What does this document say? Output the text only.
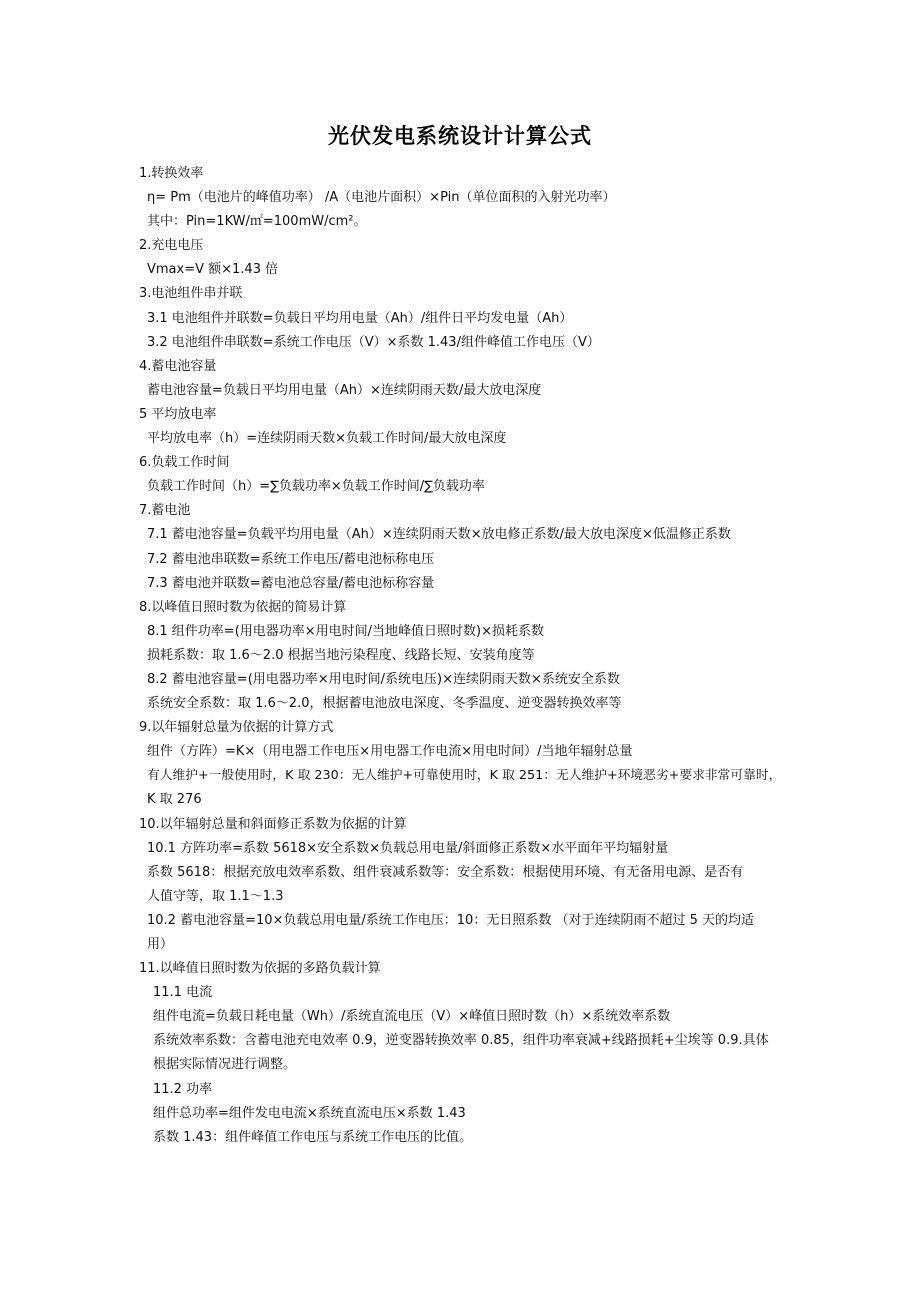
光伏发电系统设计计算公式
1.转换效率
η= Pm（电池片的峰值功率） /A（电池片面积）×Pin（单位面积的入射光功率）
其中：Pin=1KW/㎡=100mW/cm²。
2.充电电压
Vmax=V 额×1.43 倍
3.电池组件串并联
3.1 电池组件并联数=负载日平均用电量（Ah）/组件日平均发电量（Ah）
3.2 电池组件串联数=系统工作电压（V）×系数 1.43/组件峰值工作电压（V）
4.蓄电池容量
蓄电池容量=负载日平均用电量（Ah）×连续阴雨天数/最大放电深度
5 平均放电率
平均放电率（h）=连续阴雨天数×负载工作时间/最大放电深度
6.负载工作时间
负载工作时间（h）=∑负载功率×负载工作时间/∑负载功率
7.蓄电池
7.1 蓄电池容量=负载平均用电量（Ah）×连续阴雨天数×放电修正系数/最大放电深度×低温修正系数
7.2 蓄电池串联数=系统工作电压/蓄电池标称电压
7.3 蓄电池并联数=蓄电池总容量/蓄电池标称容量
8.以峰值日照时数为依据的简易计算
8.1 组件功率=(用电器功率×用电时间/当地峰值日照时数)×损耗系数
损耗系数：取 1.6～2.0 根据当地污染程度、线路长短、安装角度等
8.2 蓄电池容量=(用电器功率×用电时间/系统电压)×连续阴雨天数×系统安全系数
系统安全系数：取 1.6～2.0，根据蓄电池放电深度、冬季温度、逆变器转换效率等
9.以年辐射总量为依据的计算方式
组件（方阵）=K×（用电器工作电压×用电器工作电流×用电时间）/当地年辐射总量
有人维护+一般使用时，K 取 230：无人维护+可靠使用时，K 取 251：无人维护+环境恶劣+要求非常可靠时，
K 取 276
10.以年辐射总量和斜面修正系数为依据的计算
10.1 方阵功率=系数 5618×安全系数×负载总用电量/斜面修正系数×水平面年平均辐射量
系数 5618：根据充放电效率系数、组件衰减系数等：安全系数：根据使用环境、有无备用电源、是否有
人值守等，取 1.1～1.3
10.2 蓄电池容量=10×负载总用电量/系统工作电压：10：无日照系数 （对于连续阴雨不超过 5 天的均适
用）
11.以峰值日照时数为依据的多路负载计算
11.1 电流
组件电流=负载日耗电量（Wh）/系统直流电压（V）×峰值日照时数（h）×系统效率系数
系统效率系数：含蓄电池充电效率 0.9，逆变器转换效率 0.85，组件功率衰减+线路损耗+尘埃等 0.9.具体
根据实际情况进行调整。
11.2 功率
组件总功率=组件发电电流×系统直流电压×系数 1.43
系数 1.43：组件峰值工作电压与系统工作电压的比值。
